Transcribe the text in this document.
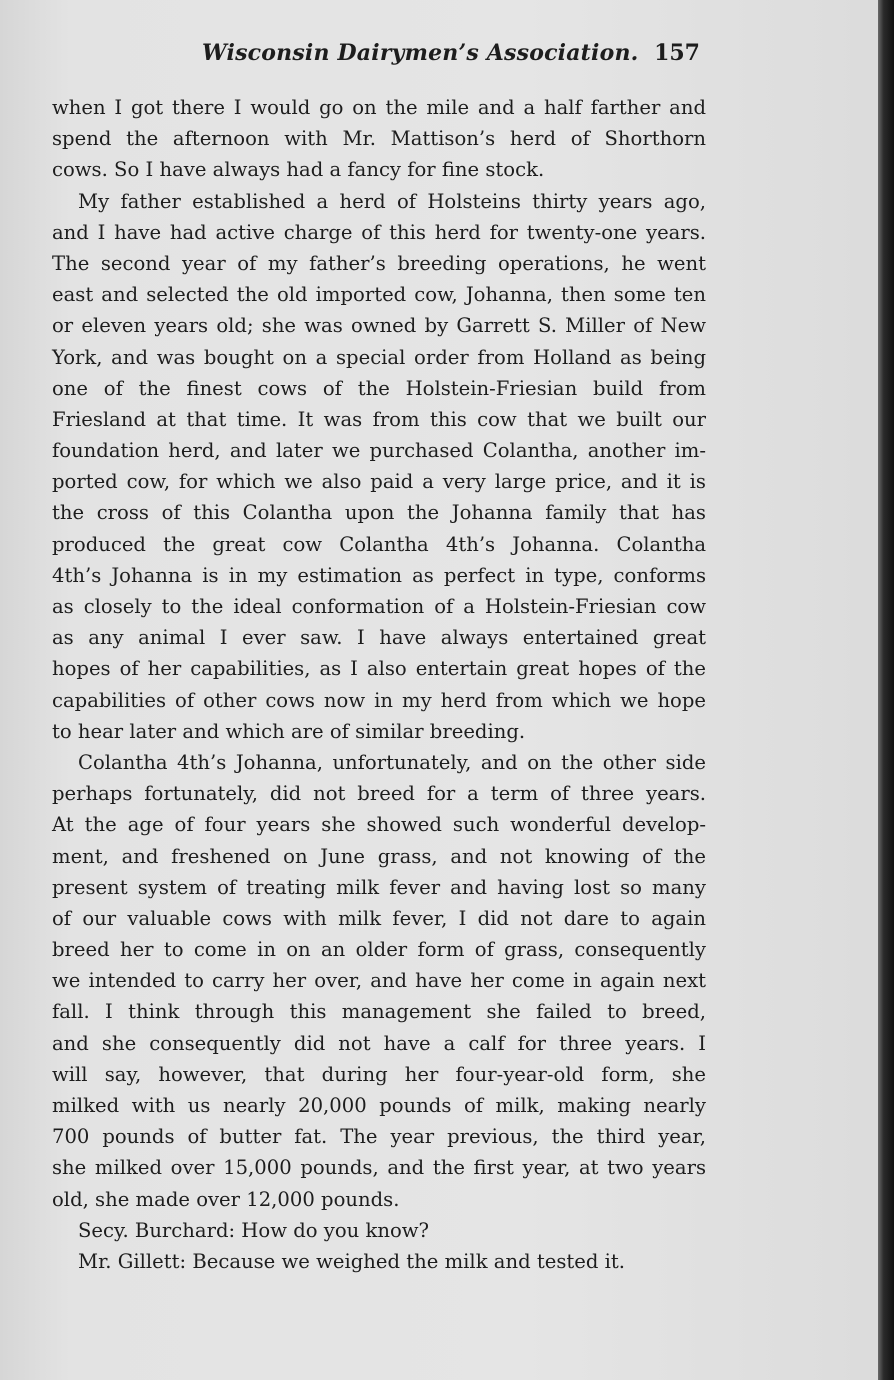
Wisconsin Dairymen’s Association. 157
when I got there I would go on the mile and a half farther and
spend the afternoon with Mr. Mattison’s herd of Shorthorn
cows. So I have always had a fancy for fine stock.
My father established a herd of Holsteins thirty years ago,
and I have had active charge of this herd for twenty-one years.
The second year of my father’s breeding operations, he went
east and selected the old imported cow, Johanna, then some ten
or eleven years old; she was owned by Garrett S. Miller of New
York, and was bought on a special order from Holland as being
one of the finest cows of the Holstein-Friesian build from
Friesland at that time. It was from this cow that we built our
foundation herd, and later we purchased Colantha, another im-
ported cow, for which we also paid a very large price, and it is
the cross of this Colantha upon the Johanna family that has
produced the great cow Colantha 4th’s Johanna. Colantha
4th’s Johanna is in my estimation as perfect in type, conforms
as closely to the ideal conformation of a Holstein-Friesian cow
as any animal I ever saw. I have always entertained great
hopes of her capabilities, as I also entertain great hopes of the
capabilities of other cows now in my herd from which we hope
to hear later and which are of similar breeding.
Colantha 4th’s Johanna, unfortunately, and on the other side
perhaps fortunately, did not breed for a term of three years.
At the age of four years she showed such wonderful develop-
ment, and freshened on June grass, and not knowing of the
present system of treating milk fever and having lost so many
of our valuable cows with milk fever, I did not dare to again
breed her to come in on an older form of grass, consequently
we intended to carry her over, and have her come in again next
fall. I think through this management she failed to breed,
and she consequently did not have a calf for three years. I
will say, however, that during her four-year-old form, she
milked with us nearly 20,000 pounds of milk, making nearly
700 pounds of butter fat. The year previous, the third year,
she milked over 15,000 pounds, and the first year, at two years
old, she made over 12,000 pounds.
Secy. Burchard: How do you know?
Mr. Gillett: Because we weighed the milk and tested it.
